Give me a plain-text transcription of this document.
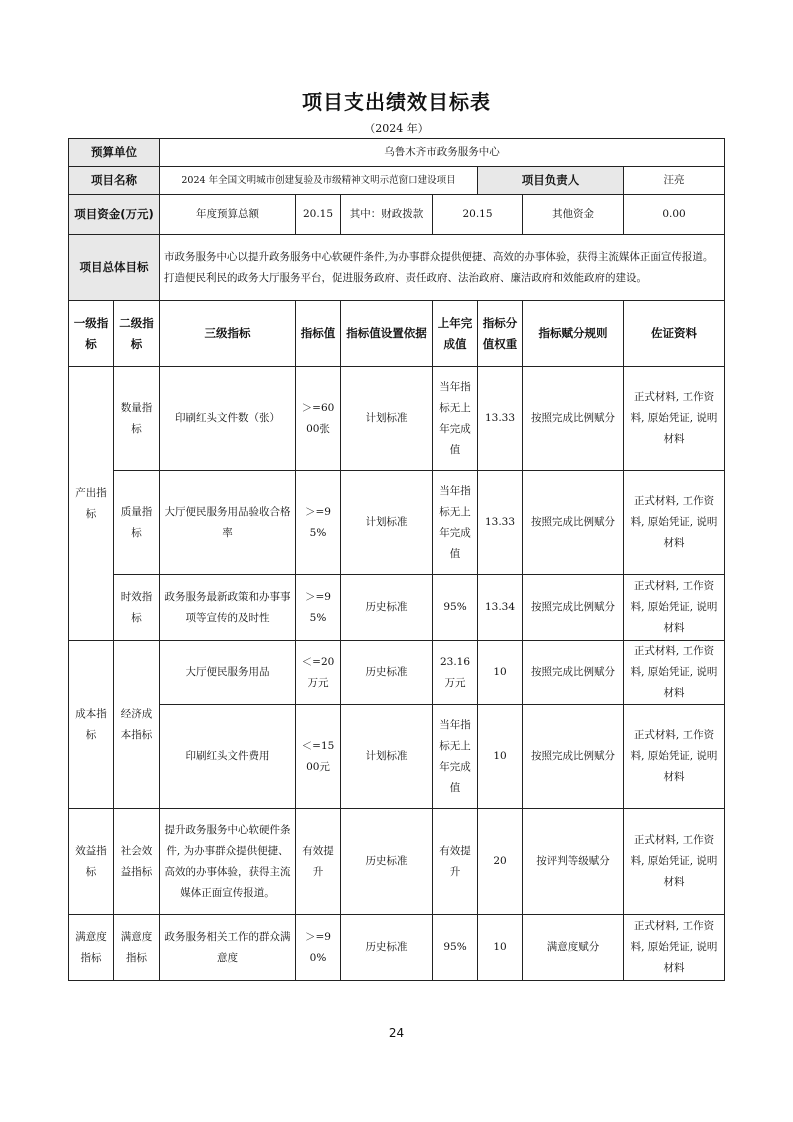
项目支出绩效目标表
（2024 年）
预算单位		乌鲁木齐市政务服务中心						
项目名称		2024 年全国文明城市创建复验及市级精神文明示范窗口建设项目				项目负责人		汪亮
项目资金(万元)		年度预算总额	20.15	其中：财政拨款	20.15		其他资金	0.00
项目总体目标		市政务服务中心以提升政务服务中心软硬件条件,为办事群众提供便捷、高效的办事体验，获得主流媒体正面宣传报道。打造便民利民的政务大厅服务平台，促进服务政府、责任政府、法治政府、廉洁政府和效能政府的建设。						
一级指标	二级指标	三级指标	指标值	指标值设置依据	上年完成值	指标分值权重	指标赋分规则	佐证资料
产出指标	数量指标	印刷红头文件数（张）	＞=6000张	计划标准	当年指标无上年完成值	13.33	按照完成比例赋分	正式材料, 工作资料, 原始凭证, 说明材料
	质量指标	大厅便民服务用品验收合格率	＞=95%	计划标准	当年指标无上年完成值	13.33	按照完成比例赋分	正式材料, 工作资料, 原始凭证, 说明材料
	时效指标	政务服务最新政策和办事事项等宣传的及时性	＞=95%	历史标准	95%	13.34	按照完成比例赋分	正式材料, 工作资料, 原始凭证, 说明材料
成本指标	经济成本指标	大厅便民服务用品	＜=20万元	历史标准	23.16万元	10	按照完成比例赋分	正式材料, 工作资料, 原始凭证, 说明材料
		印刷红头文件费用	＜=1500元	计划标准	当年指标无上年完成值	10	按照完成比例赋分	正式材料, 工作资料, 原始凭证, 说明材料
效益指标	社会效益指标	提升政务服务中心软硬件条件, 为办事群众提供便捷、高效的办事体验，获得主流媒体正面宣传报道。	有效提升	历史标准	有效提升	20	按评判等级赋分	正式材料, 工作资料, 原始凭证, 说明材料
满意度指标	满意度指标	政务服务相关工作的群众满意度	＞=90%	历史标准	95%	10	满意度赋分	正式材料, 工作资料, 原始凭证, 说明材料
24
